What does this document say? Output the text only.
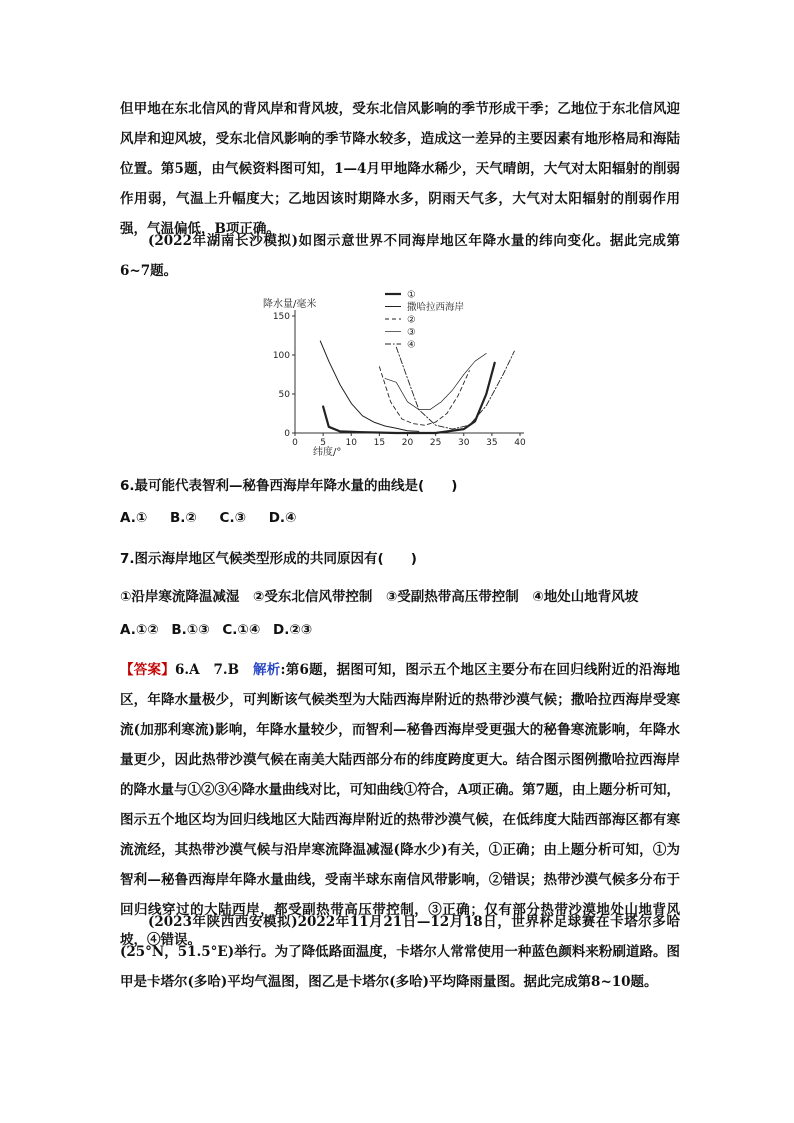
但甲地在东北信风的背风岸和背风坡，受东北信风影响的季节形成干季；乙地位于东北信风迎风岸和迎风坡，受东北信风影响的季节降水较多，造成这一差异的主要因素有地形格局和海陆位置。第5题，由气候资料图可知，1—4月甲地降水稀少，天气晴朗，大气对太阳辐射的削弱作用弱，气温上升幅度大；乙地因该时期降水多，阴雨天气多，大气对太阳辐射的削弱作用强，气温偏低，B项正确。
(2022年湖南长沙模拟)如图示意世界不同海岸地区年降水量的纬向变化。据此完成第6~7题。
0 5 10 15 20 25 30 35 40
0
50
100
150
①
撒哈拉西海岸
②
③
④
降水量/毫米
纬度/°
6.最可能代表智利—秘鲁西海岸年降水量的曲线是(　　)
A.① B.② C.③ D.④
7.图示海岸地区气候类型形成的共同原因有(　　)
①沿岸寒流降温减湿　②受东北信风带控制　③受副热带高压带控制　④地处山地背风坡
A.①② B.①③ C.①④ D.②③
【答案】6.A　7.B　解析:第6题，据图可知，图示五个地区主要分布在回归线附近的沿海地区，年降水量极少，可判断该气候类型为大陆西海岸附近的热带沙漠气候；撒哈拉西海岸受寒流(加那利寒流)影响，年降水量较少，而智利—秘鲁西海岸受更强大的秘鲁寒流影响，年降水量更少，因此热带沙漠气候在南美大陆西部分布的纬度跨度更大。结合图示图例撒哈拉西海岸的降水量与①②③④降水量曲线对比，可知曲线①符合，A项正确。第7题，由上题分析可知，图示五个地区均为回归线地区大陆西海岸附近的热带沙漠气候，在低纬度大陆西部海区都有寒流流经，其热带沙漠气候与沿岸寒流降温减湿(降水少)有关，①正确；由上题分析可知，①为智利—秘鲁西海岸年降水量曲线，受南半球东南信风带影响，②错误；热带沙漠气候多分布于回归线穿过的大陆西岸，都受副热带高压带控制，③正确；仅有部分热带沙漠地处山地背风坡，④错误。
(2023年陕西西安模拟)2022年11月21日—12月18日，世界杯足球赛在卡塔尔多哈(25°N，51.5°E)举行。为了降低路面温度，卡塔尔人常常使用一种蓝色颜料来粉刷道路。图甲是卡塔尔(多哈)平均气温图，图乙是卡塔尔(多哈)平均降雨量图。据此完成第8~10题。
